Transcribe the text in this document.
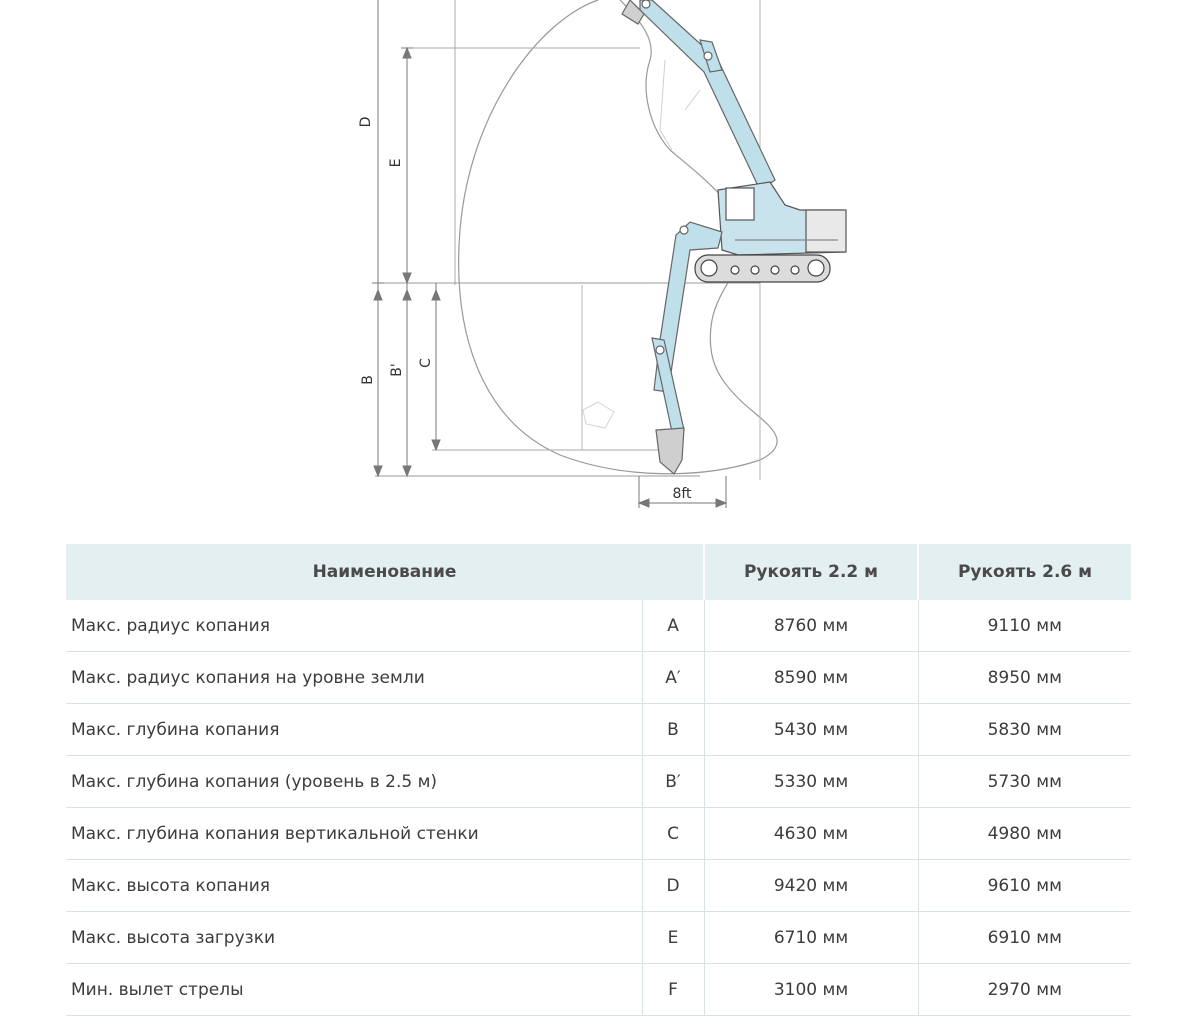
D
E
B
B'
C
8ft
Наименование		Рукоять 2.2 м	Рукоять 2.6 м
Макс. радиус копания	A	8760 мм	9110 мм
Макс. радиус копания на уровне земли	A′	8590 мм	8950 мм
Макс. глубина копания	B	5430 мм	5830 мм
Макс. глубина копания (уровень в 2.5 м)	B′	5330 мм	5730 мм
Макс. глубина копания вертикальной стенки	C	4630 мм	4980 мм
Макс. высота копания	D	9420 мм	9610 мм
Макс. высота загрузки	E	6710 мм	6910 мм
Мин. вылет стрелы	F	3100 мм	2970 мм
